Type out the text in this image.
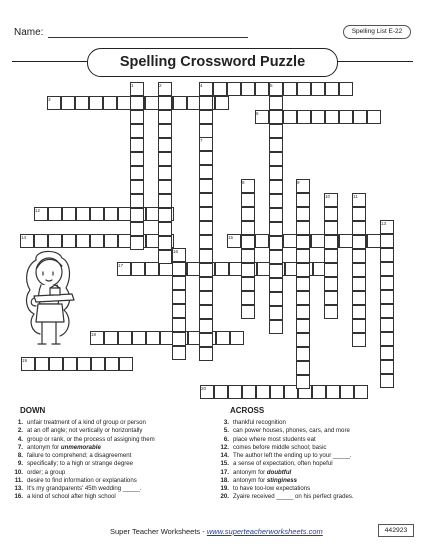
Name:	Spelling List E-22
Spelling Crossword Puzzle
1	2
3
4	5
6
7
8	9
10	11
12
13
14	15
16
17
18
19
20
DOWN	ACROSS
1. unfair treatment of a kind of group or person
2. at an off angle; not vertically or horizontally
4. group or rank, or the process of assigning them
7. antonym for unmemorable
8. failure to comprehend; a disagreement
9. specifically; to a high or strange degree
10. order; a group
11. desire to find information or explanations
13. It's my grandparents' 45th wedding _____.
16. a kind of school after high school
3. thankful recognition
5. can power houses, phones, cars, and more
6. place where most students eat
12. comes before middle school; basic
14. The author left the ending up to your _____.
15. a sense of expectation, often hopeful
17. antonym for doubtful
18. antonym for stinginess
19. to have too-low expectations
20. Zyaire received _____ on his perfect grades.
Super Teacher Worksheets - www.superteacherworksheets.com	442923
